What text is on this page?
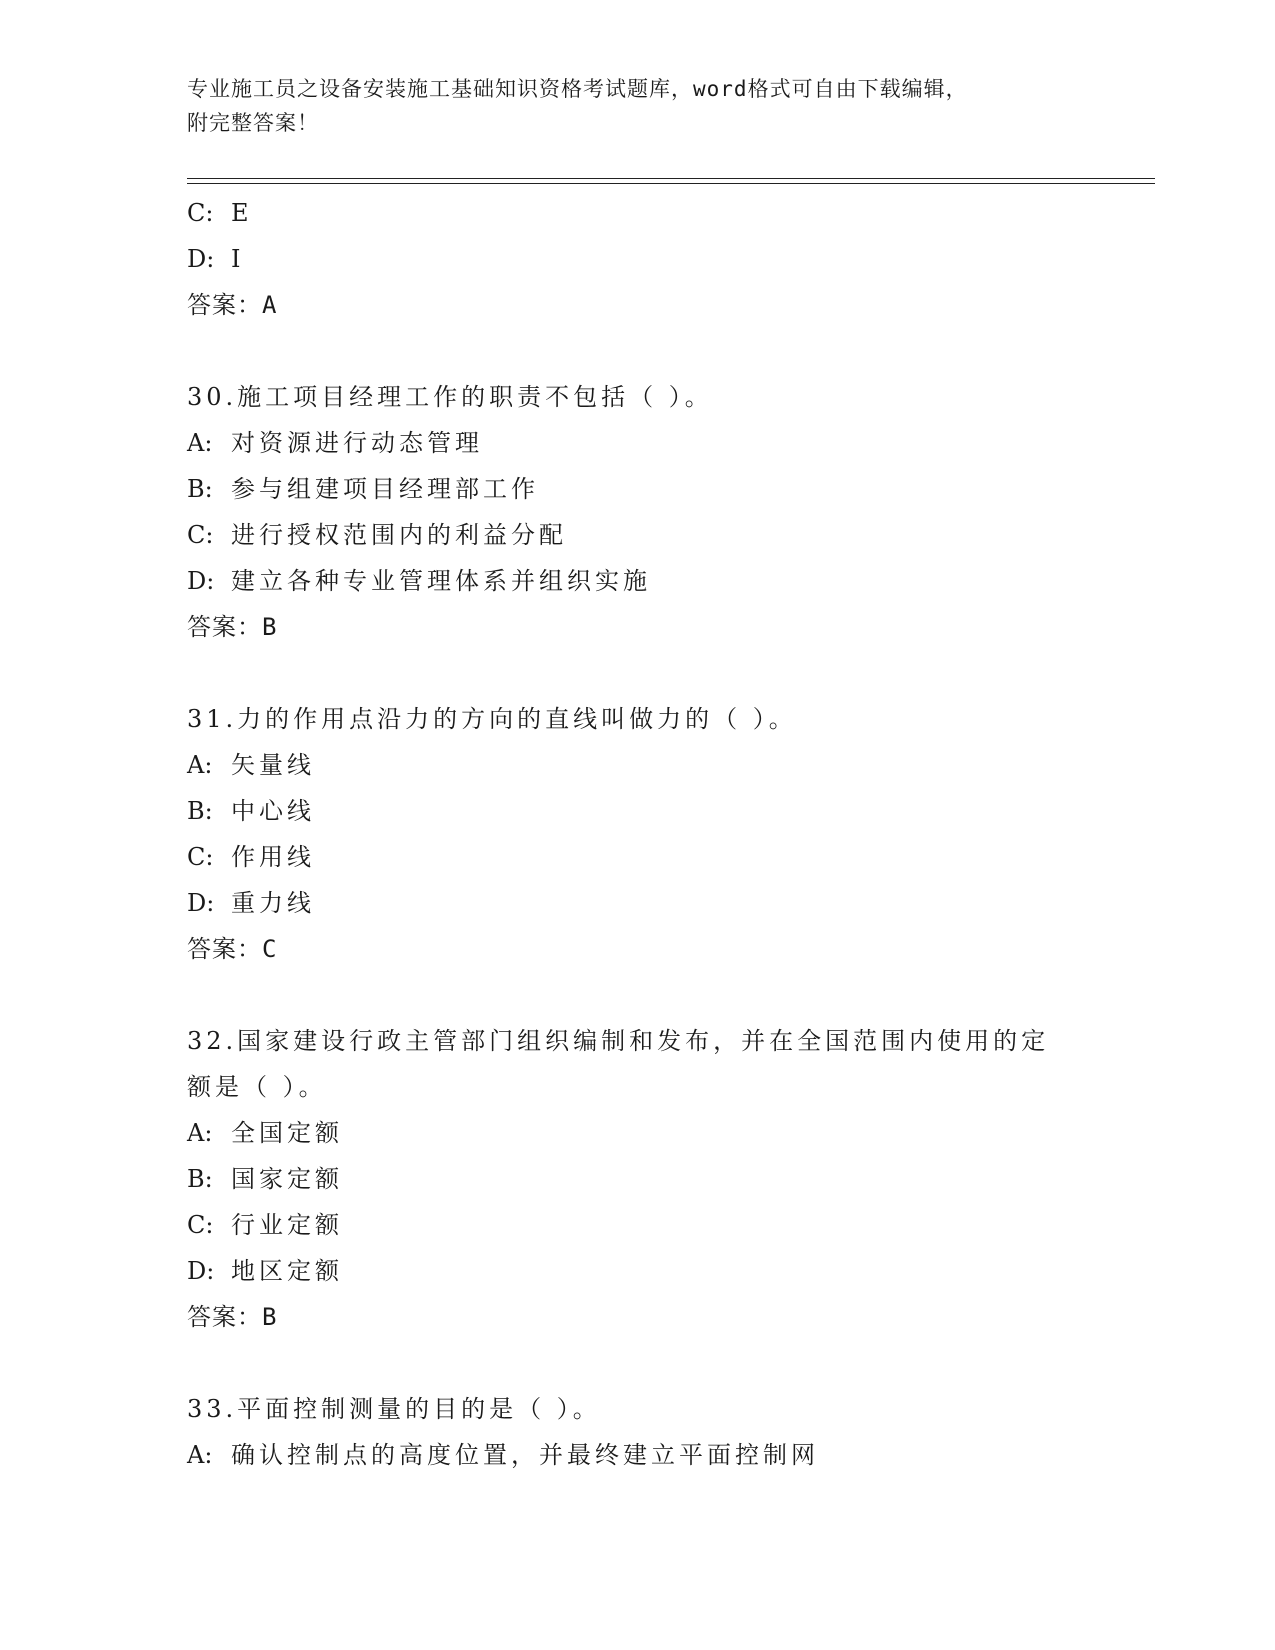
专业施工员之设备安装施工基础知识资格考试题库，word格式可自由下载编辑，
附完整答案！
C: E
D: I
答案：A
30.施工项目经理工作的职责不包括（ ）。
A: 对资源进行动态管理
B: 参与组建项目经理部工作
C: 进行授权范围内的利益分配
D: 建立各种专业管理体系并组织实施
答案：B
31.力的作用点沿力的方向的直线叫做力的（ ）。
A: 矢量线
B: 中心线
C: 作用线
D: 重力线
答案：C
32.国家建设行政主管部门组织编制和发布，并在全国范围内使用的定
额是（ ）。
A: 全国定额
B: 国家定额
C: 行业定额
D: 地区定额
答案：B
33.平面控制测量的目的是（ ）。
A: 确认控制点的高度位置，并最终建立平面控制网
